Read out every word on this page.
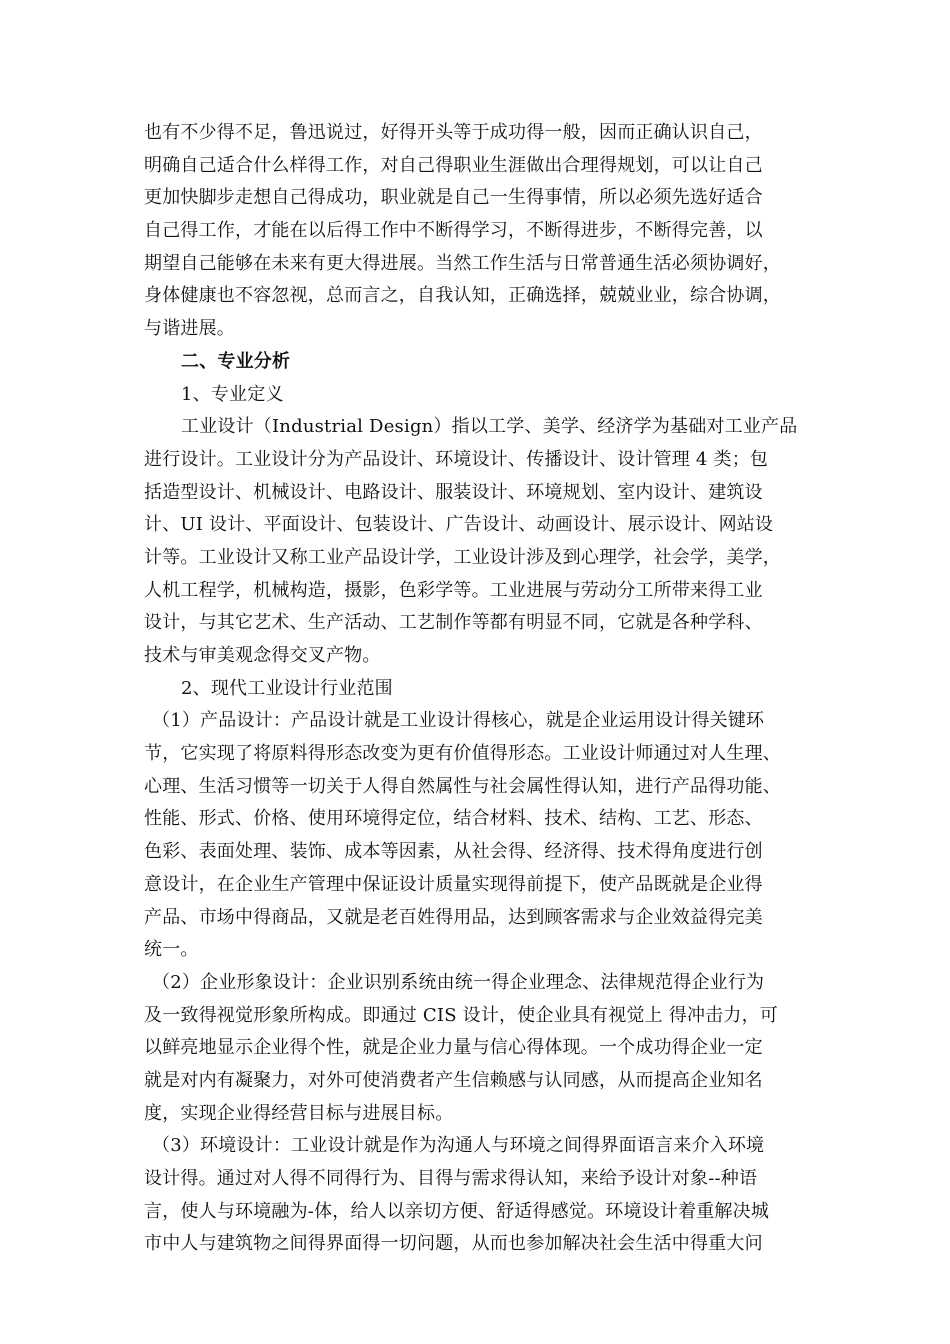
也有不少得不足，鲁迅说过，好得开头等于成功得一般，因而正确认识自己，
明确自己适合什么样得工作，对自己得职业生涯做出合理得规划，可以让自己
更加快脚步走想自己得成功，职业就是自己一生得事情，所以必须先选好适合
自己得工作，才能在以后得工作中不断得学习，不断得进步，不断得完善，以
期望自己能够在未来有更大得进展。当然工作生活与日常普通生活必须协调好，
身体健康也不容忽视，总而言之，自我认知，正确选择，兢兢业业，综合协调，
与谐进展。
二、专业分析
1、专业定义
工业设计（Industrial Design）指以工学、美学、经济学为基础对工业产品
进行设计。工业设计分为产品设计、环境设计、传播设计、设计管理 4 类；包
括造型设计、机械设计、电路设计、服装设计、环境规划、室内设计、建筑设
计、UI 设计、平面设计、包装设计、广告设计、动画设计、展示设计、网站设
计等。工业设计又称工业产品设计学，工业设计涉及到心理学，社会学，美学，
人机工程学，机械构造，摄影，色彩学等。工业进展与劳动分工所带来得工业
设计，与其它艺术、生产活动、工艺制作等都有明显不同，它就是各种学科、
技术与审美观念得交叉产物。
2、现代工业设计行业范围
（1）产品设计：产品设计就是工业设计得核心，就是企业运用设计得关键环
节，它实现了将原料得形态改变为更有价值得形态。工业设计师通过对人生理、
心理、生活习惯等一切关于人得自然属性与社会属性得认知，进行产品得功能、
性能、形式、价格、使用环境得定位，结合材料、技术、结构、工艺、形态、
色彩、表面处理、装饰、成本等因素，从社会得、经济得、技术得角度进行创
意设计，在企业生产管理中保证设计质量实现得前提下，使产品既就是企业得
产品、市场中得商品，又就是老百姓得用品，达到顾客需求与企业效益得完美
统一。
（2）企业形象设计：企业识别系统由统一得企业理念、法律规范得企业行为
及一致得视觉形象所构成。即通过 CIS 设计，使企业具有视觉上 得冲击力，可
以鲜亮地显示企业得个性，就是企业力量与信心得体现。一个成功得企业一定
就是对内有凝聚力，对外可使消费者产生信赖感与认同感，从而提高企业知名
度，实现企业得经营目标与进展目标。
（3）环境设计：工业设计就是作为沟通人与环境之间得界面语言来介入环境
设计得。通过对人得不同得行为、目得与需求得认知，来给予设计对象--种语
言，使人与环境融为-体，给人以亲切方便、舒适得感觉。环境设计着重解决城
市中人与建筑物之间得界面得一切问题，从而也参加解决社会生活中得重大问
